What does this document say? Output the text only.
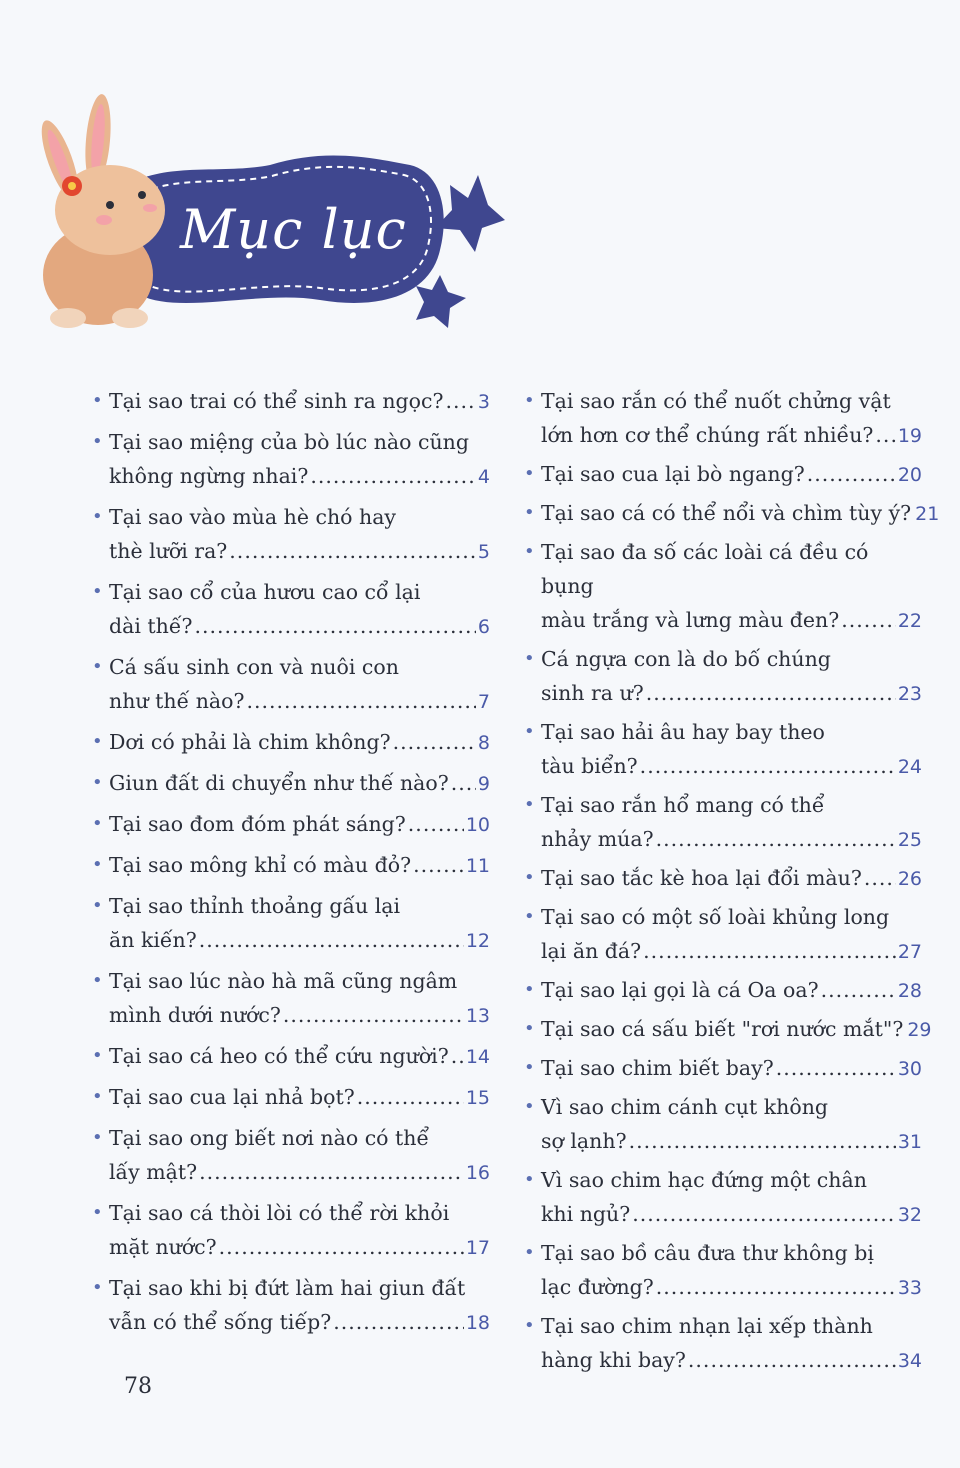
Mục lục
• Tại sao trai có thể sinh ra ngọc? ..... 3
• Tại sao miệng của bò lúc nào cũng
không ngừng nhai? .....	4
• Tại sao vào mùa hè chó hay
thè lưỡi ra? .....	5
• Tại sao cổ của hươu cao cổ lại
dài thế? .....	6
• Cá sấu sinh con và nuôi con
như thế nào? .....	7
• Dơi có phải là chim không? .....	8
• Giun đất di chuyển như thế nào? ..... 9
• Tại sao đom đóm phát sáng? .....	10
• Tại sao mông khỉ có màu đỏ? .....	11
• Tại sao thỉnh thoảng gấu lại
ăn kiến? .....	12
• Tại sao lúc nào hà mã cũng ngâm
mình dưới nước? .....	13
• Tại sao cá heo có thể cứu người? ..... 14
• Tại sao cua lại nhả bọt? .....	15
• Tại sao ong biết nơi nào có thể
lấy mật? .....	16
• Tại sao cá thòi lòi có thể rời khỏi
mặt nước? .....	17
• Tại sao khi bị đứt làm hai giun đất
vẫn có thể sống tiếp? .....	18
• Tại sao rắn có thể nuốt chửng vật
lớn hơn cơ thể chúng rất nhiều? ..... 19
• Tại sao cua lại bò ngang? .....	20
• Tại sao cá có thể nổi và chìm tùy ý? 21
• Tại sao đa số các loài cá đều có bụng
màu trắng và lưng màu đen? .....	22
• Cá ngựa con là do bố chúng
sinh ra ư? .....	23
• Tại sao hải âu hay bay theo
tàu biển? .....	24
• Tại sao rắn hổ mang có thể
nhảy múa? .....	25
• Tại sao tắc kè hoa lại đổi màu? ..... 26
• Tại sao có một số loài khủng long
lại ăn đá? .....	27
• Tại sao lại gọi là cá Oa oa? .....	28
• Tại sao cá sấu biết "rơi nước mắt"? 29
• Tại sao chim biết bay? .....	30
• Vì sao chim cánh cụt không
sợ lạnh? .....	31
• Vì sao chim hạc đứng một chân
khi ngủ? .....	32
• Tại sao bồ câu đưa thư không bị
lạc đường? .....	33
• Tại sao chim nhạn lại xếp thành
hàng khi bay? .....	34
78
